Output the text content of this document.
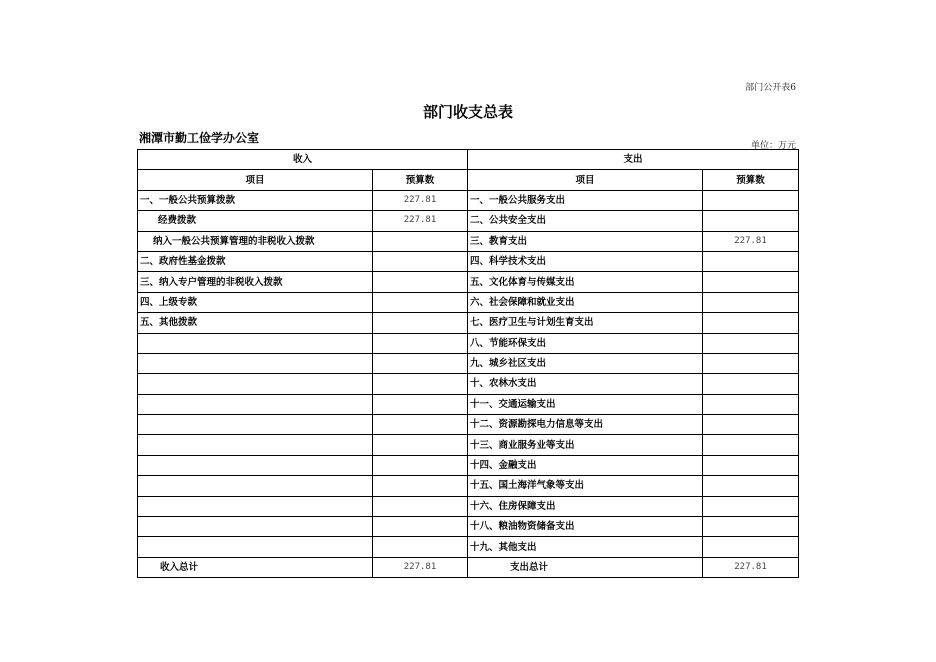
部门公开表6
部门收支总表
湘潭市勤工俭学办公室
单位：万元
收入		支出	
项目	预算数	项目	预算数
一、一般公共预算拨款	227.81	一、一般公共服务支出	
经费拨款	227.81	二、公共安全支出	
纳入一般公共预算管理的非税收入拨款		三、教育支出	227.81
二、政府性基金拨款		四、科学技术支出	
三、纳入专户管理的非税收入拨款		五、文化体育与传媒支出	
四、上级专款		六、社会保障和就业支出	
五、其他拨款		七、医疗卫生与计划生育支出	
		八、节能环保支出	
		九、城乡社区支出	
		十、农林水支出	
		十一、交通运输支出	
		十二、资源勘探电力信息等支出	
		十三、商业服务业等支出	
		十四、金融支出	
		十五、国土海洋气象等支出	
		十六、住房保障支出	
		十八、粮油物资储备支出	
		十九、其他支出	
收入总计	227.81	支出总计	227.81
